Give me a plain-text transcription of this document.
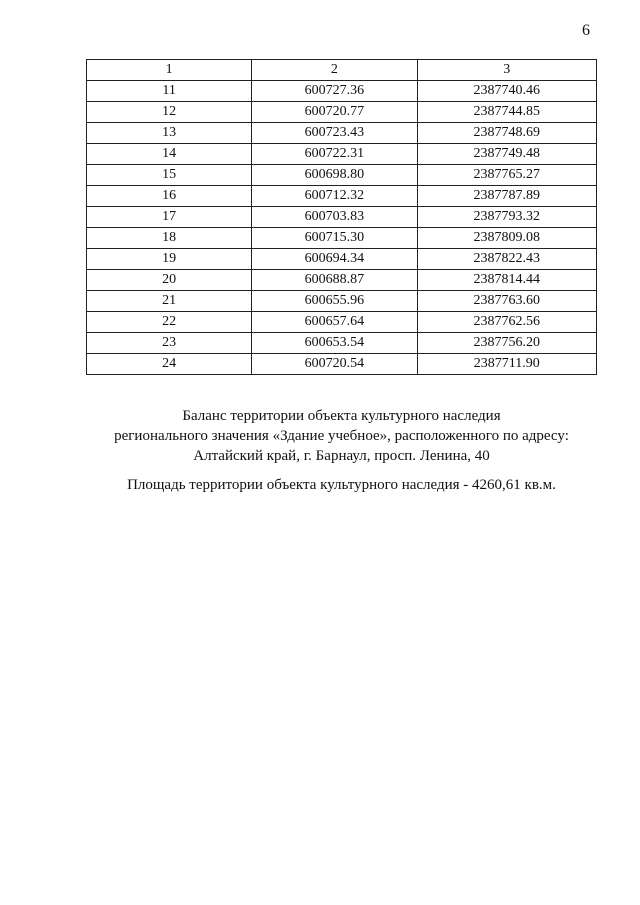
6
1	2	3
11	600727.36	2387740.46
12	600720.77	2387744.85
13	600723.43	2387748.69
14	600722.31	2387749.48
15	600698.80	2387765.27
16	600712.32	2387787.89
17	600703.83	2387793.32
18	600715.30	2387809.08
19	600694.34	2387822.43
20	600688.87	2387814.44
21	600655.96	2387763.60
22	600657.64	2387762.56
23	600653.54	2387756.20
24	600720.54	2387711.90
Баланс территории объекта культурного наследия
регионального значения «Здание учебное», расположенного по адресу:
Алтайский край, г. Барнаул, просп. Ленина, 40
Площадь территории объекта культурного наследия - 4260,61 кв.м.
